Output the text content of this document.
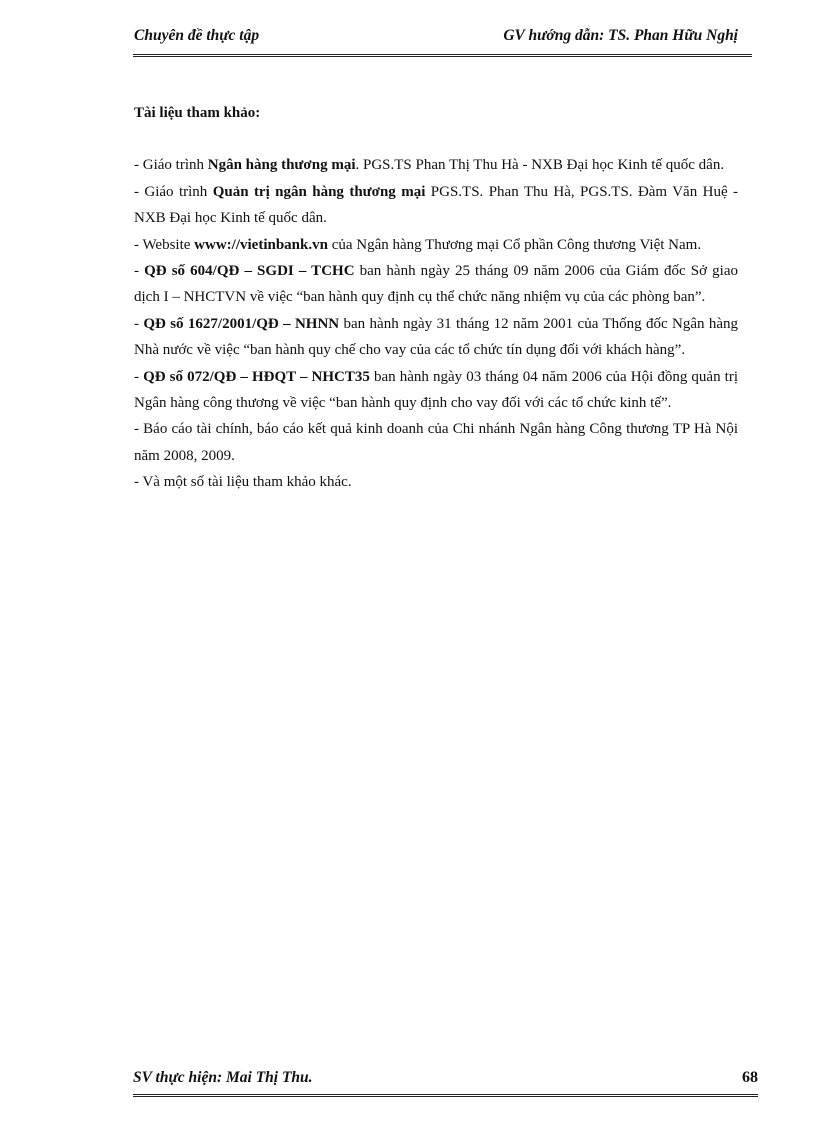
Chuyên đề thực tập	GV hướng dẫn: TS. Phan Hữu Nghị

Tài liệu tham khảo:

- Giáo trình Ngân hàng thương mại. PGS.TS Phan Thị Thu Hà - NXB Đại học Kinh tế quốc dân.

- Giáo trình Quản trị ngân hàng thương mại PGS.TS. Phan Thu Hà, PGS.TS. Đàm Văn Huệ - NXB Đại học Kinh tế quốc dân.

- Website www://vietinbank.vn của Ngân hàng Thương mại Cổ phần Công thương Việt Nam.

- QĐ số 604/QĐ – SGDI – TCHC ban hành ngày 25 tháng 09 năm 2006 của Giám đốc Sở giao dịch I – NHCTVN về việc “ban hành quy định cụ thể chức năng nhiệm vụ của các phòng ban”.

- QĐ số 1627/2001/QĐ – NHNN ban hành ngày 31 tháng 12 năm 2001 của Thống đốc Ngân hàng Nhà nước về việc “ban hành quy chế cho vay của các tổ chức tín dụng đối với khách hàng”.

- QĐ số 072/QĐ – HĐQT – NHCT35 ban hành ngày 03 tháng 04 năm 2006 của Hội đồng quản trị Ngân hàng công thương về việc “ban hành quy định cho vay đối với các tổ chức kinh tế”.

- Báo cáo tài chính, báo cáo kết quả kinh doanh của Chi nhánh Ngân hàng Công thương TP Hà Nội năm 2008, 2009.

- Và một số tài liệu tham khảo khác.

SV thực hiện: Mai Thị Thu.	68
